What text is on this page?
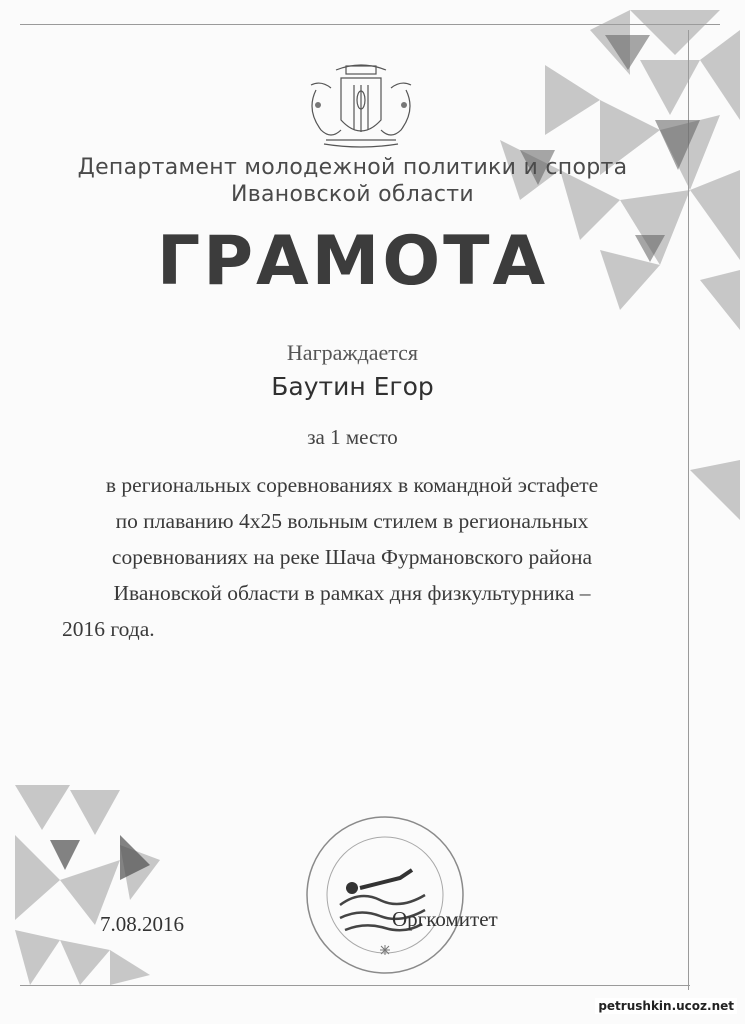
Департамент молодежной политики и спорта
Ивановской области
ГРАМОТА
Награждается
Баутин Егор
за 1 место
в региональных соревнованиях в командной эстафете
по плаванию 4x25 вольным стилем в региональных
соревнованиях на реке Шача Фурмановского района
Ивановской области в рамках дня физкультурника –
2016 года.
7.08.2016	Оргкомитет
petrushkin.ucoz.net
